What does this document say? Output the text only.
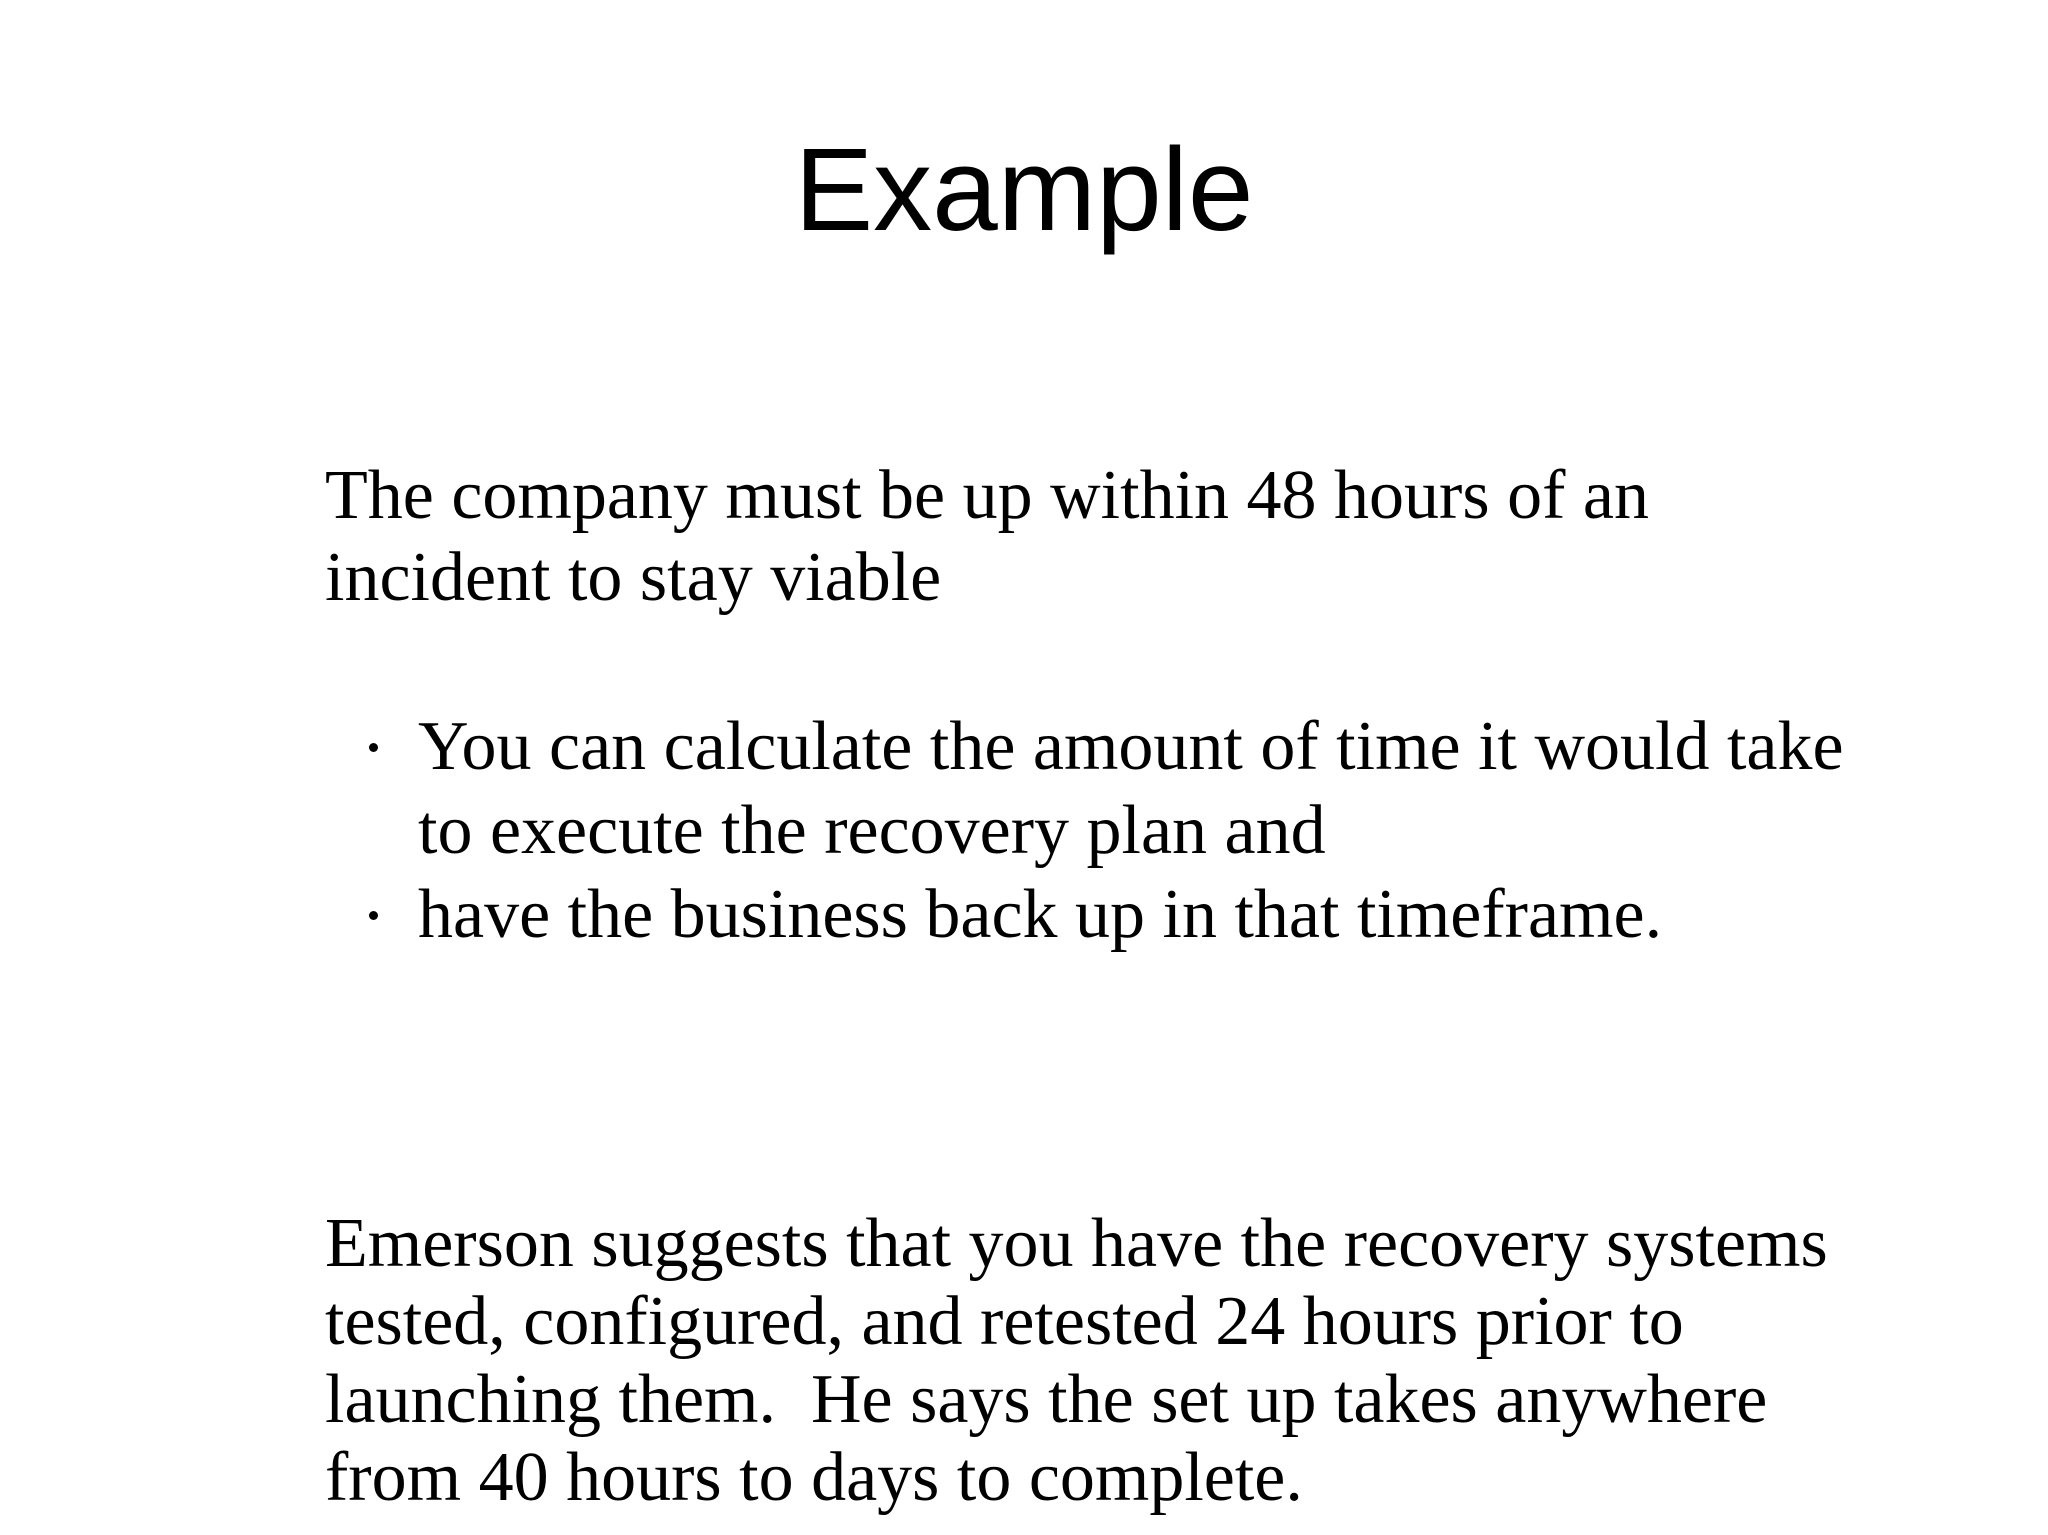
Example

The company must be up within 48 hours of an incident to stay viable

You can calculate the amount of time it would take to execute the recovery plan and
have the business back up in that timeframe.

Emerson suggests that you have the recovery systems tested, configured, and retested 24 hours prior to launching them.  He says the set up takes anywhere from 40 hours to days to complete.
